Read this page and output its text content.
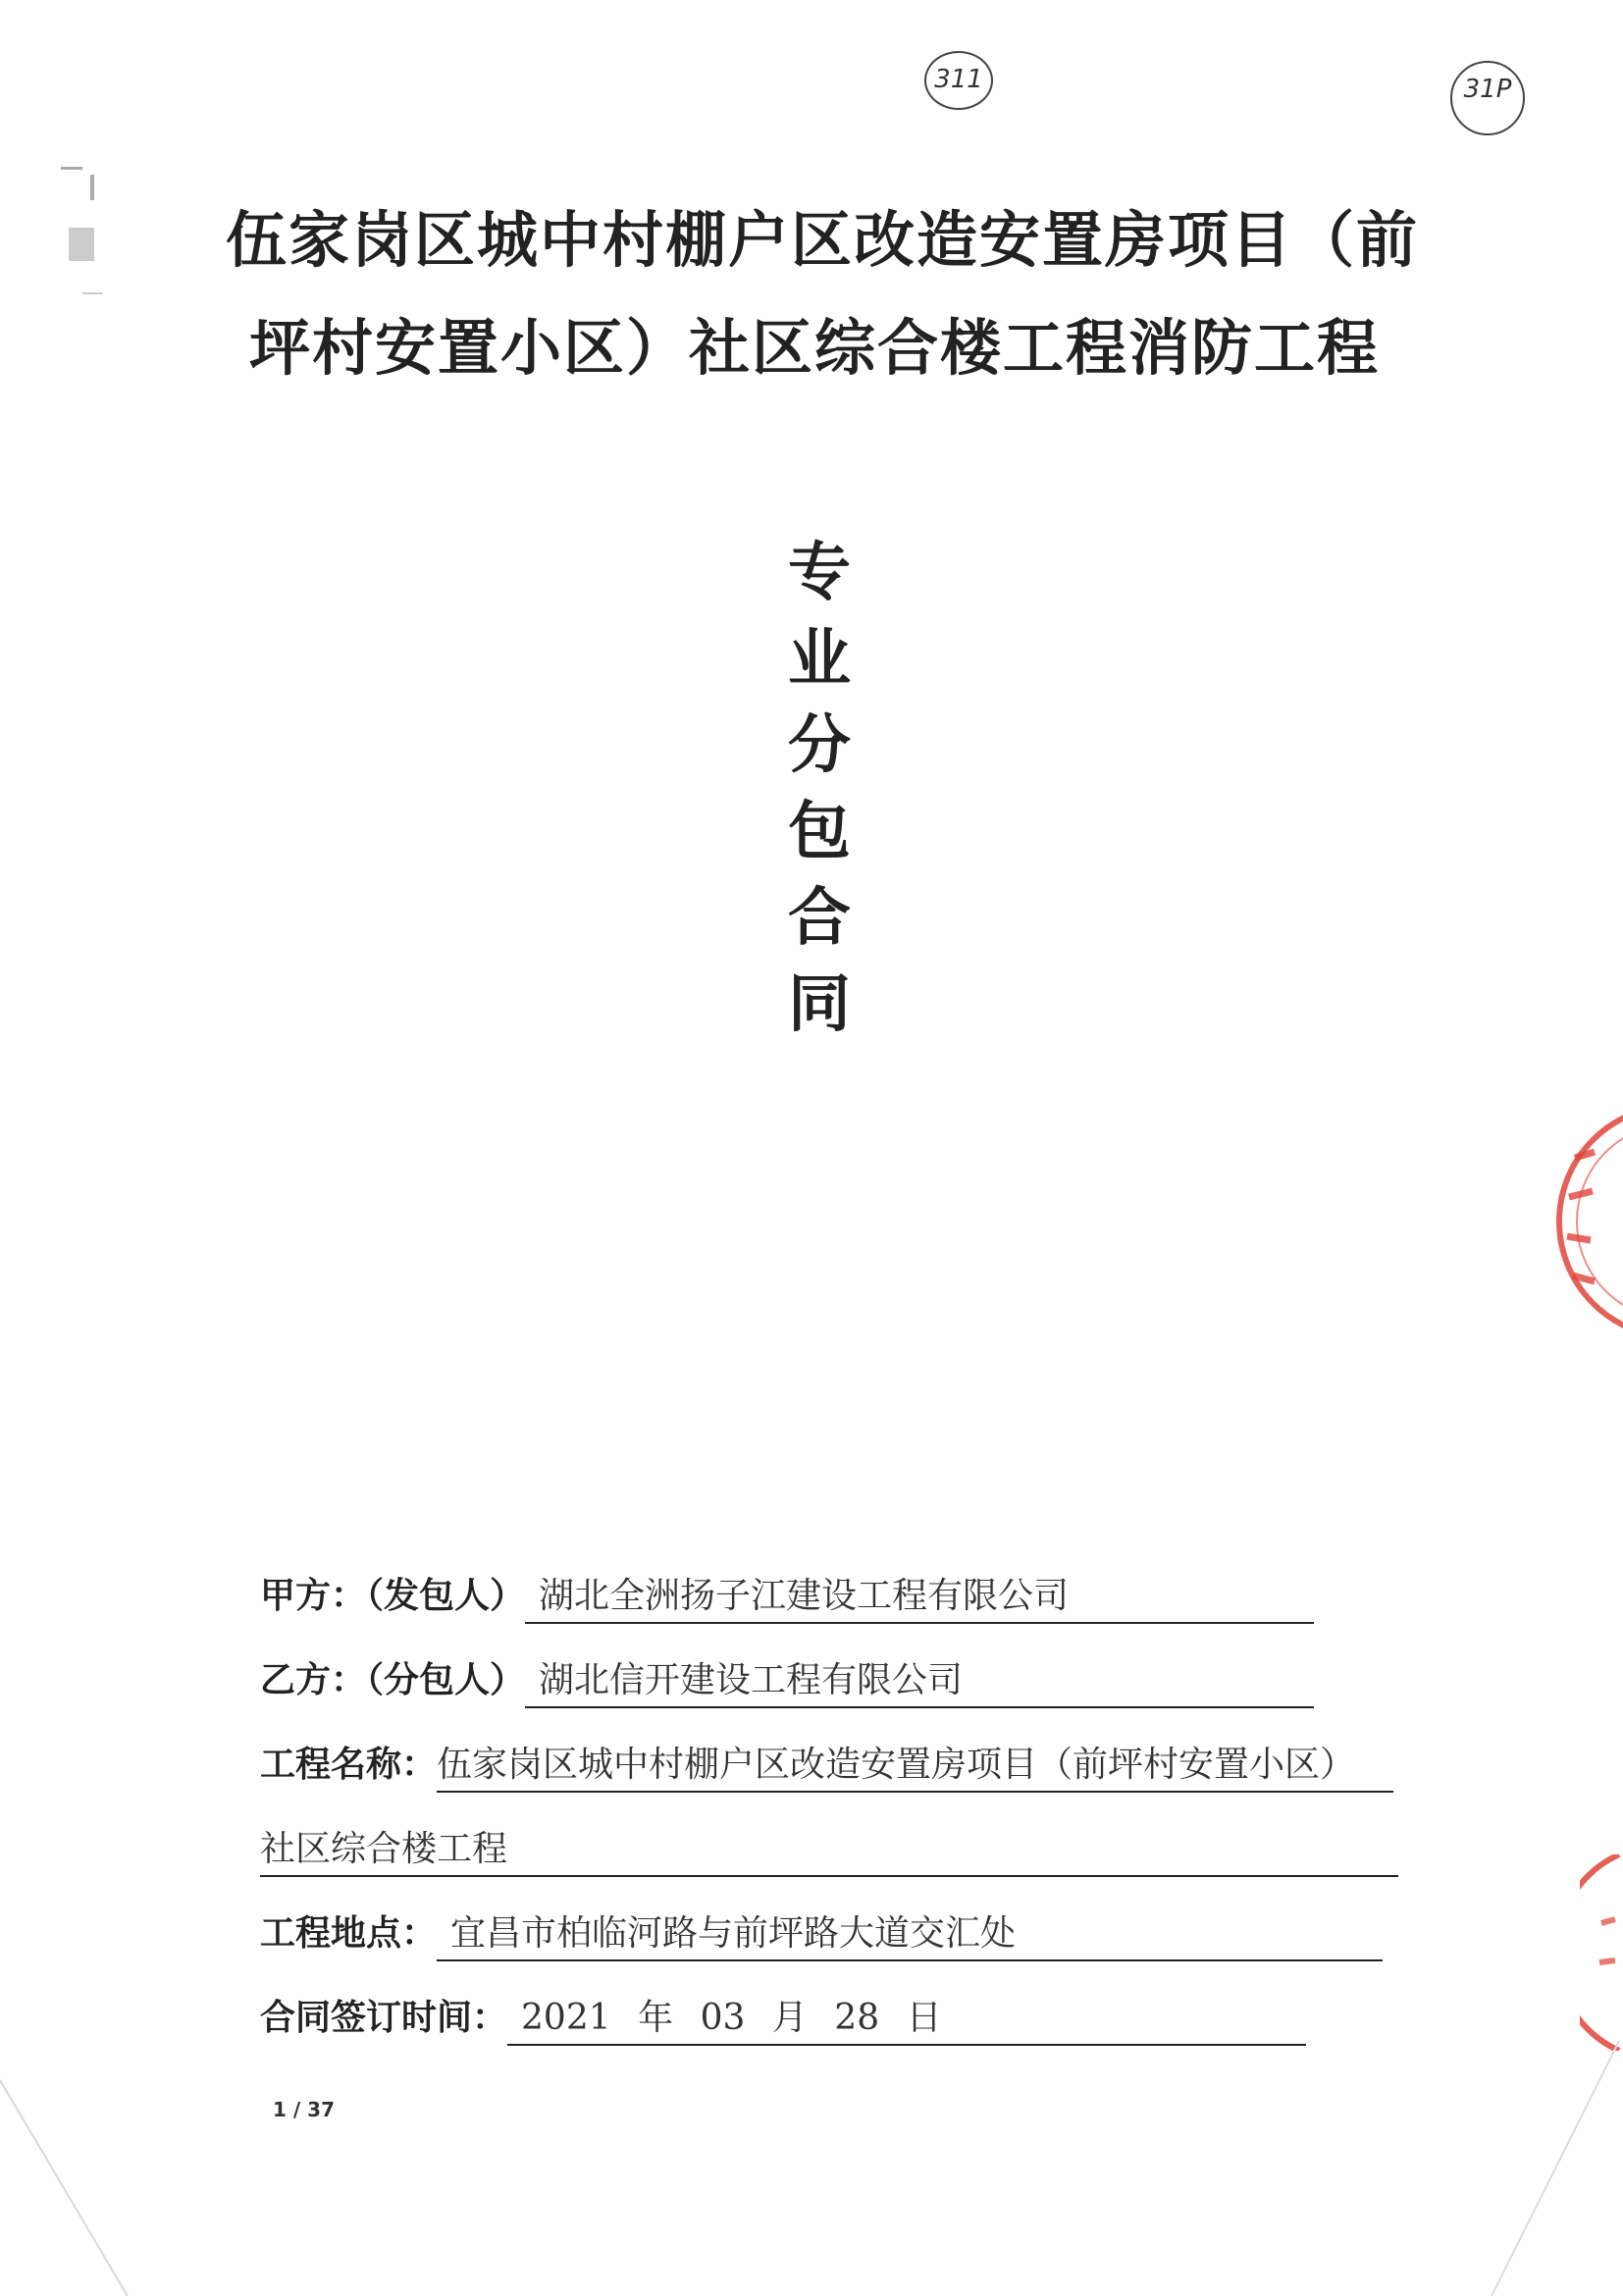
311	31P
伍家岗区城中村棚户区改造安置房项目（前
坪村安置小区）社区综合楼工程消防工程
专
业
分
包
合
同
甲方：（发包人） 湖北全洲扬子江建设工程有限公司
乙方：（分包人） 湖北信开建设工程有限公司
工程名称： 伍家岗区城中村棚户区改造安置房项目（前坪村安置小区）
社区综合楼工程
工程地点： 宜昌市柏临河路与前坪路大道交汇处
合同签订时间： 2021 年 03 月 28 日
1 / 37
